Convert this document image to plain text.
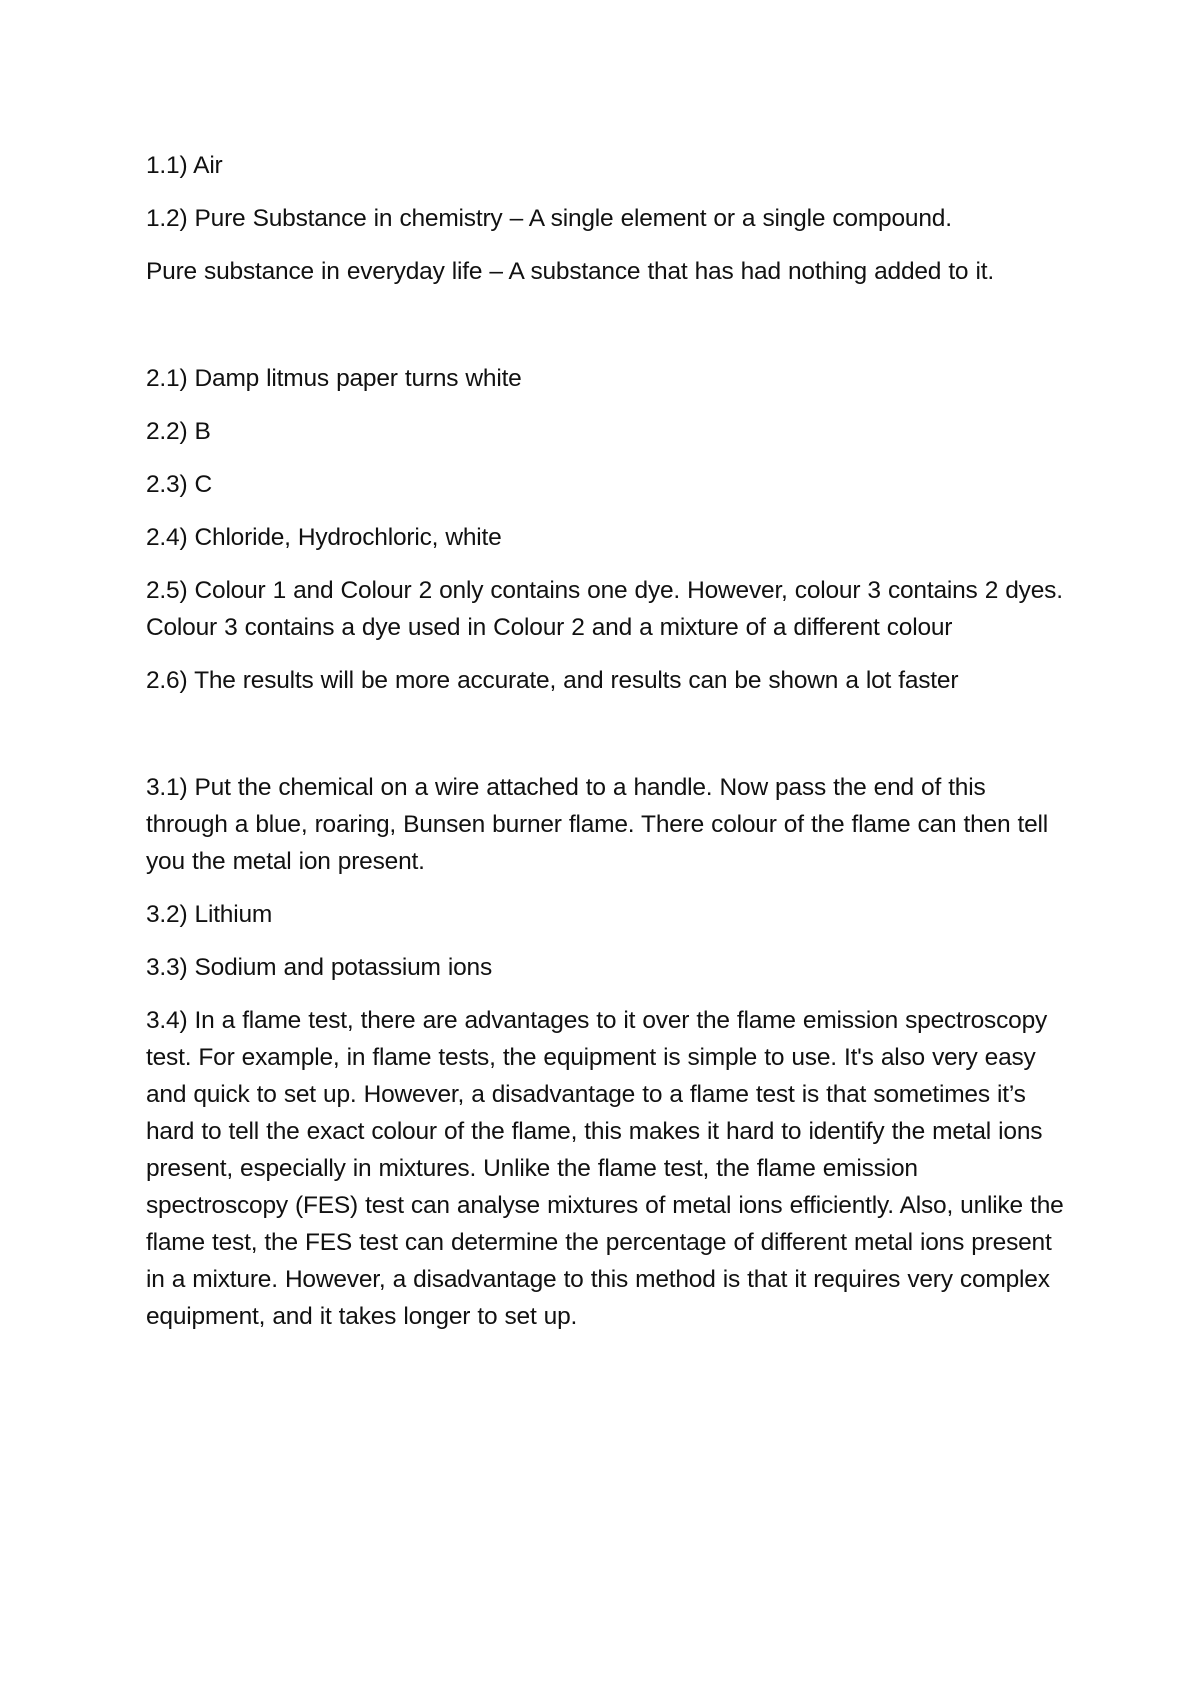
1.1) Air

1.2) Pure Substance in chemistry – A single element or a single compound.

Pure substance in everyday life – A substance that has had nothing added to it.

2.1) Damp litmus paper turns white

2.2) B

2.3) C

2.4) Chloride, Hydrochloric, white

2.5) Colour 1 and Colour 2 only contains one dye. However, colour 3 contains 2 dyes. Colour 3 contains a dye used in Colour 2 and a mixture of a different colour

2.6) The results will be more accurate, and results can be shown a lot faster

3.1) Put the chemical on a wire attached to a handle. Now pass the end of this through a blue, roaring, Bunsen burner flame. There colour of the flame can then tell you the metal ion present.

3.2) Lithium

3.3) Sodium and potassium ions

3.4) In a flame test, there are advantages to it over the flame emission spectroscopy test. For example, in flame tests, the equipment is simple to use. It's also very easy and quick to set up. However, a disadvantage to a flame test is that sometimes it’s hard to tell the exact colour of the flame, this makes it hard to identify the metal ions present, especially in mixtures. Unlike the flame test, the flame emission spectroscopy (FES) test can analyse mixtures of metal ions efficiently. Also, unlike the flame test, the FES test can determine the percentage of different metal ions present in a mixture. However, a disadvantage to this method is that it requires very complex equipment, and it takes longer to set up.
